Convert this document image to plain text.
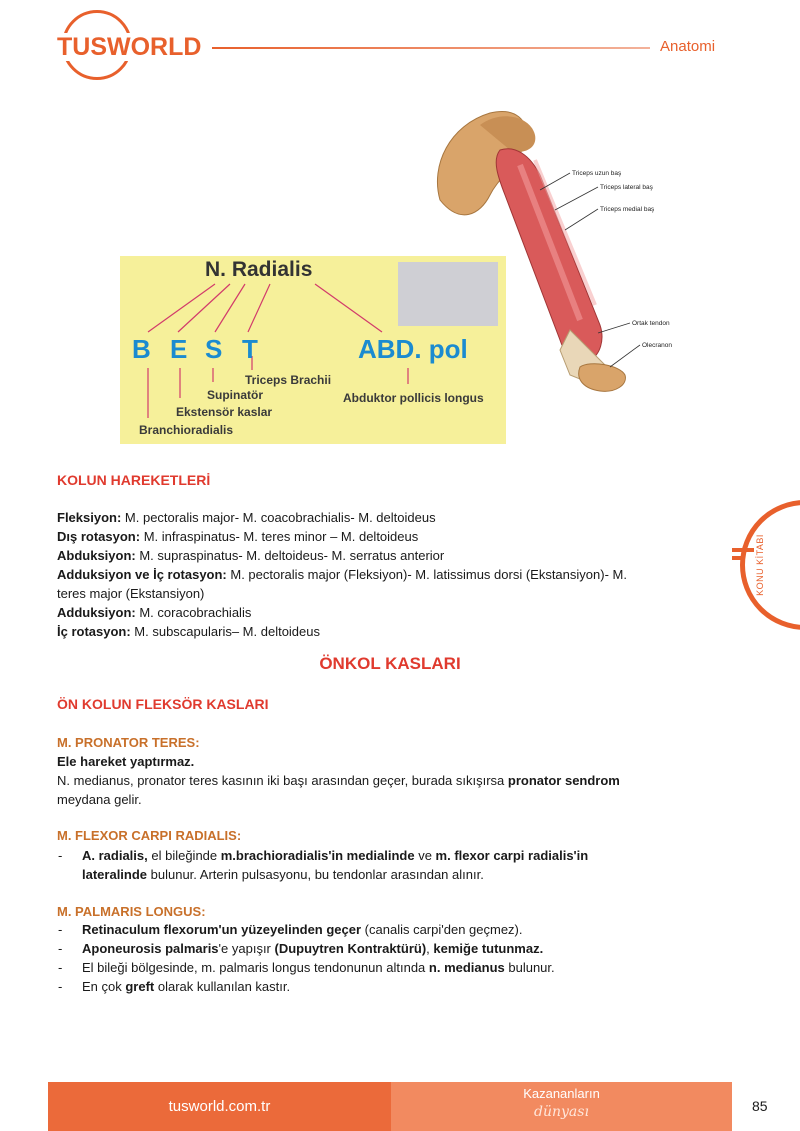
TUSWORLD	Anatomi
KONU KİTABI
Triceps uzun baş
Triceps lateral baş
Triceps medial baş
Ortak tendon
Olecranon
N. Radialis
B E S T	ABD. pol
Triceps Brachii
Supinatör
Ekstensör kaslar
Branchioradialis
Abduktor pollicis longus
KOLUN HAREKETLERİ
Fleksiyon: M. pectoralis major- M. coacobrachialis- M. deltoideus
Dış rotasyon: M. infraspinatus- M. teres minor – M. deltoideus
Abduksiyon: M. supraspinatus- M. deltoideus- M. serratus anterior
Adduksiyon ve İç rotasyon: M. pectoralis major (Fleksiyon)- M. latissimus dorsi (Ekstansiyon)- M.
teres major (Ekstansiyon)
Adduksiyon: M. coracobrachialis
İç rotasyon: M. subscapularis– M. deltoideus
ÖNKOL KASLARI
ÖN KOLUN FLEKSÖR KASLARI
M. PRONATOR TERES:
Ele hareket yaptırmaz.
N. medianus, pronator teres kasının iki başı arasından geçer, burada sıkışırsa pronator sendrom
meydana gelir.
M. FLEXOR CARPI RADIALIS:
- A. radialis, el bileğinde m.brachioradialis'in medialinde ve m. flexor carpi radialis'in
lateralinde bulunur. Arterin pulsasyonu, bu tendonlar arasından alınır.
M. PALMARIS LONGUS:
- Retinaculum flexorum'un yüzeyelinden geçer (canalis carpi'den geçmez).
- Aponeurosis palmaris'e yapışır (Dupuytren Kontraktürü), kemiğe tutunmaz.
- El bileği bölgesinde, m. palmaris longus tendonunun altında n. medianus bulunur.
- En çok greft olarak kullanılan kastır.
tusworld.com.tr
Kazananların
dünyası	85
